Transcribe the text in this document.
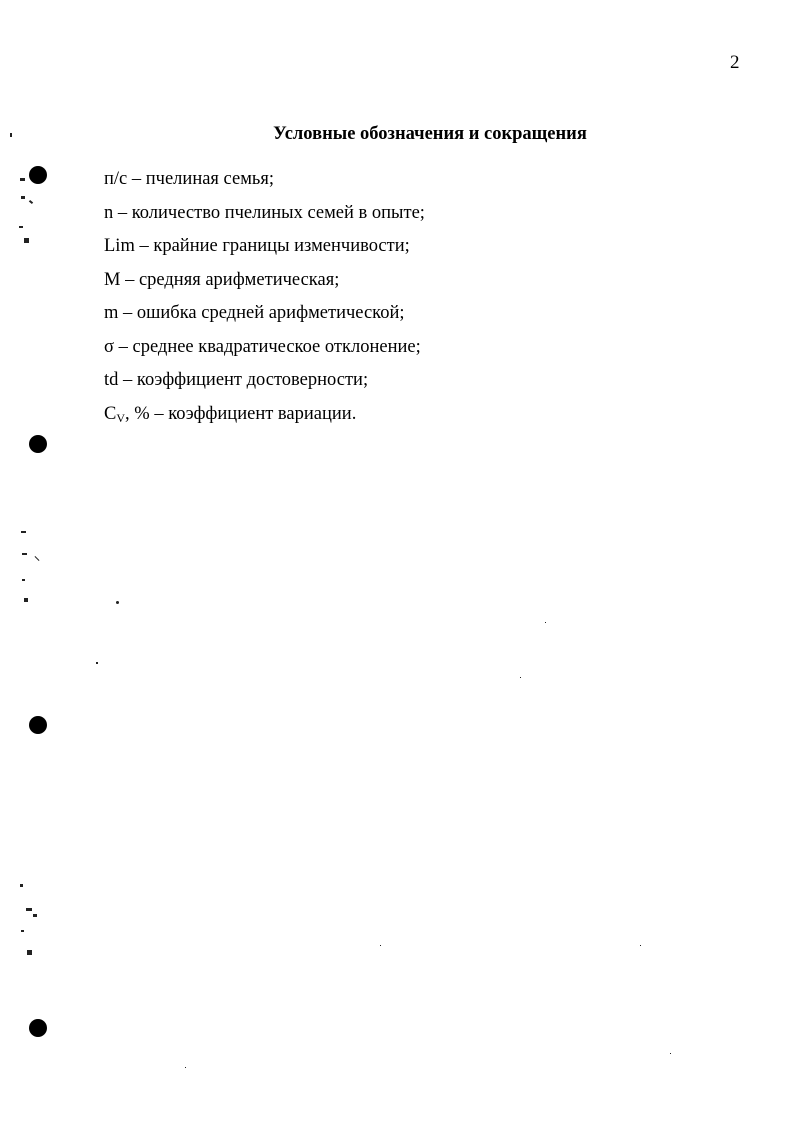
2
Условные обозначения и сокращения
п/с – пчелиная семья;
n – количество пчелиных семей в опыте;
Lim – крайние границы изменчивости;
М – средняя арифметическая;
m – ошибка средней арифметической;
σ – среднее квадратическое отклонение;
td – коэффициент достоверности;
CV, % – коэффициент вариации.
